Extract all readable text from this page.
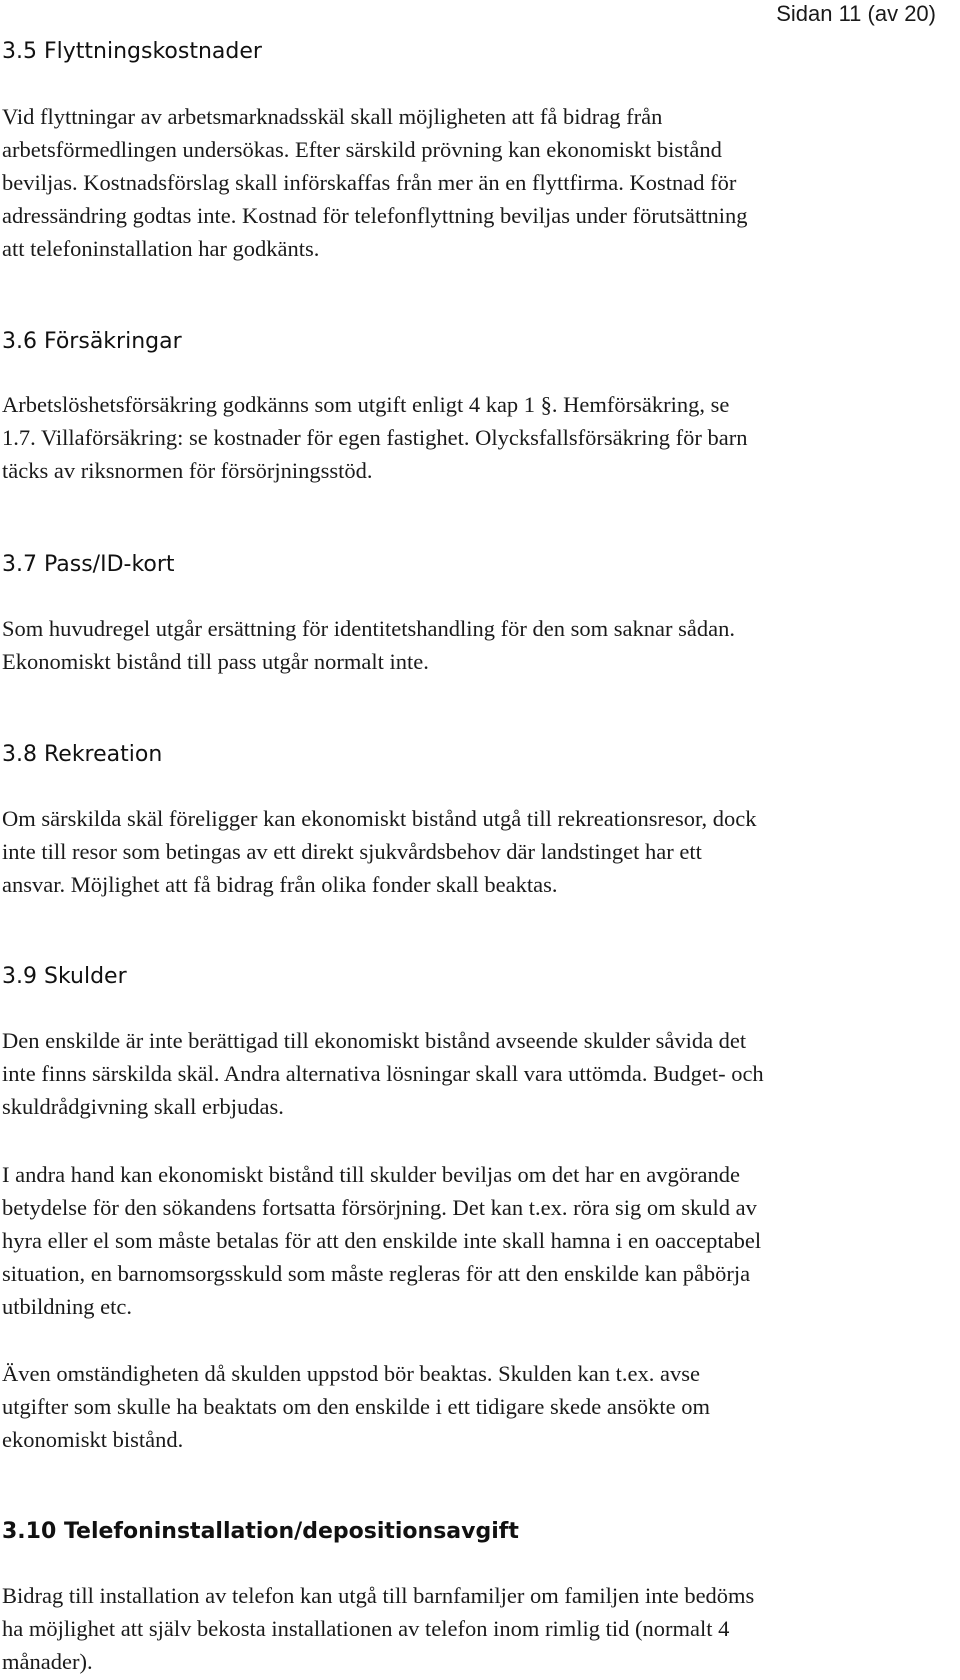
Sidan 11 (av 20)
3.5 Flyttningskostnader

Vid flyttningar av arbetsmarknadsskäl skall möjligheten att få bidrag från
arbetsförmedlingen undersökas. Efter särskild prövning kan ekonomiskt bistånd
beviljas. Kostnadsförslag skall införskaffas från mer än en flyttfirma. Kostnad för
adressändring godtas inte. Kostnad för telefonflyttning beviljas under förutsättning
att telefoninstallation har godkänts.

3.6 Försäkringar

Arbetslöshetsförsäkring godkänns som utgift enligt 4 kap 1 §. Hemförsäkring, se
1.7. Villaförsäkring: se kostnader för egen fastighet. Olycksfallsförsäkring för barn
täcks av riksnormen för försörjningsstöd.

3.7 Pass/ID-kort

Som huvudregel utgår ersättning för identitetshandling för den som saknar sådan.
Ekonomiskt bistånd till pass utgår normalt inte.

3.8 Rekreation

Om särskilda skäl föreligger kan ekonomiskt bistånd utgå till rekreationsresor, dock
inte till resor som betingas av ett direkt sjukvårdsbehov där landstinget har ett
ansvar. Möjlighet att få bidrag från olika fonder skall beaktas.

3.9 Skulder

Den enskilde är inte berättigad till ekonomiskt bistånd avseende skulder såvida det
inte finns särskilda skäl. Andra alternativa lösningar skall vara uttömda. Budget- och
skuldrådgivning skall erbjudas.

I andra hand kan ekonomiskt bistånd till skulder beviljas om det har en avgörande
betydelse för den sökandens fortsatta försörjning. Det kan t.ex. röra sig om skuld av
hyra eller el som måste betalas för att den enskilde inte skall hamna i en oacceptabel
situation, en barnomsorgsskuld som måste regleras för att den enskilde kan påbörja
utbildning etc.

Även omständigheten då skulden uppstod bör beaktas. Skulden kan t.ex. avse
utgifter som skulle ha beaktats om den enskilde i ett tidigare skede ansökte om
ekonomiskt bistånd.

3.10 Telefoninstallation/depositionsavgift

Bidrag till installation av telefon kan utgå till barnfamiljer om familjen inte bedöms
ha möjlighet att själv bekosta installationen av telefon inom rimlig tid (normalt 4
månader).
